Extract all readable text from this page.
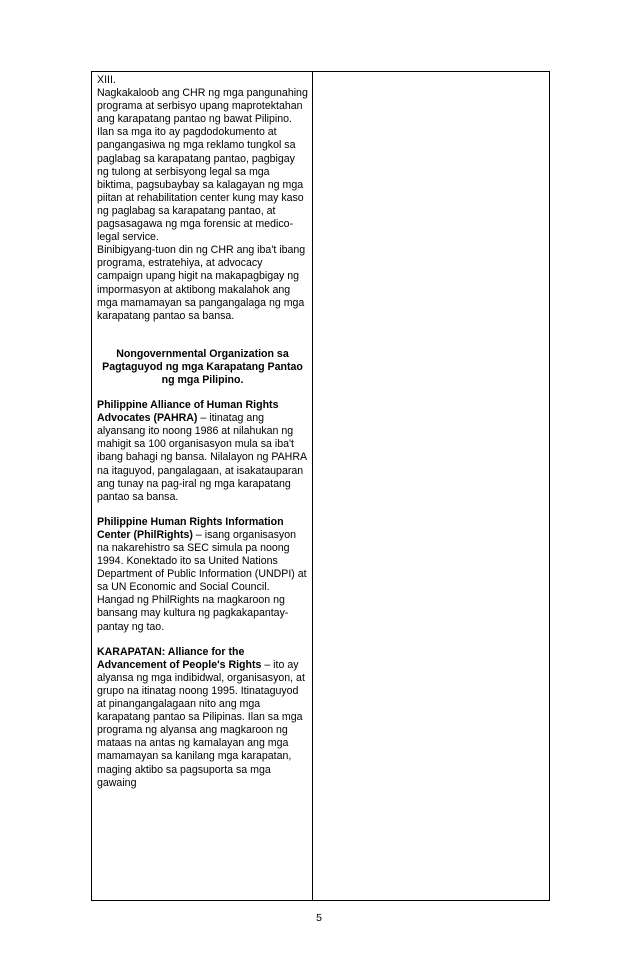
XIII.

Nagkakaloob ang CHR ng mga pangunahing programa at serbisyo upang maprotektahan ang karapatang pantao ng bawat Pilipino. Ilan sa mga ito ay pagdodokumento at pangangasiwa ng mga reklamo tungkol sa paglabag sa karapatang pantao, pagbigay ng tulong at serbisyong legal sa mga biktima, pagsubaybay sa kalagayan ng mga piitan at rehabilitation center kung may kaso ng paglabag sa karapatang pantao, at pagsasagawa ng mga forensic at medico-legal service.

Binibigyang-tuon din ng CHR ang iba't ibang programa, estratehiya, at advocacy campaign upang higit na makapagbigay ng impormasyon at aktibong makalahok ang mga mamamayan sa pangangalaga ng mga karapatang pantao sa bansa.

Nongovernmental Organization sa Pagtaguyod ng mga Karapatang Pantao ng mga Pilipino.

Philippine Alliance of Human Rights Advocates (PAHRA) – itinatag ang alyansang ito noong 1986 at nilahukan ng mahigit sa 100 organisasyon mula sa iba't ibang bahagi ng bansa. Nilalayon ng PAHRA na itaguyod, pangalagaan, at isakatauparan ang tunay na pag-iral ng mga karapatang pantao sa bansa.

Philippine Human Rights Information Center (PhilRights) – isang organisasyon na nakarehistro sa SEC simula pa noong 1994. Konektado ito sa United Nations Department of Public Information (UNDPI) at sa UN Economic and Social Council. Hangad ng PhilRights na magkaroon ng bansang may kultura ng pagkakapantay-pantay ng tao.

KARAPATAN: Alliance for the Advancement of People's Rights – ito ay alyansa ng mga indibidwal, organisasyon, at grupo na itinatag noong 1995. Itinataguyod at pinangangalagaan nito ang mga karapatang pantao sa Pilipinas. Ilan sa mga programa ng alyansa ang magkaroon ng mataas na antas ng kamalayan ang mga mamamayan sa kanilang mga karapatan, maging aktibo sa pagsuporta sa mga gawaing

5
